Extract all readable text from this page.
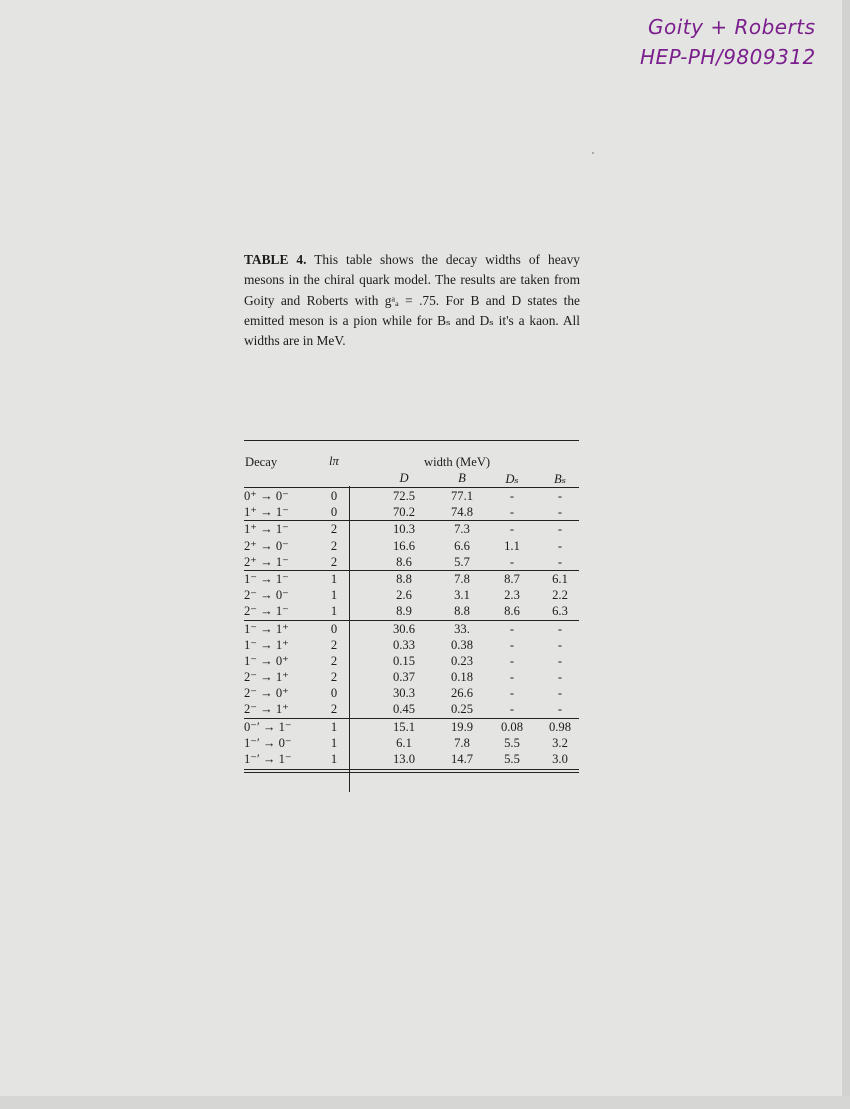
Goity + Roberts
HEP-PH/9809312
TABLE 4. This table shows the decay widths of heavy mesons in the chiral quark model. The results are taken from Goity and Roberts with gᵃₐ = .75. For B and D states the emitted meson is a pion while for Bₛ and Dₛ it's a kaon. All widths are in MeV.
Decay	lπ	width (MeV)
D	B	Dₛ	Bₛ
0⁺ → 0⁻	0	72.5	77.1	-	-
1⁺ → 1⁻	0	70.2	74.8	-	-
1⁺ → 1⁻	2	10.3	7.3	-	-
2⁺ → 0⁻	2	16.6	6.6	1.1	-
2⁺ → 1⁻	2	8.6	5.7	-	-
1⁻ → 1⁻	1	8.8	7.8	8.7	6.1
2⁻ → 0⁻	1	2.6	3.1	2.3	2.2
2⁻ → 1⁻	1	8.9	8.8	8.6	6.3
1⁻ → 1⁺	0	30.6	33.	-	-
1⁻ → 1⁺	2	0.33	0.38	-	-
1⁻ → 0⁺	2	0.15	0.23	-	-
2⁻ → 1⁺	2	0.37	0.18	-	-
2⁻ → 0⁺	0	30.3	26.6	-	-
2⁻ → 1⁺	2	0.45	0.25	-	-
0⁻′ → 1⁻	1	15.1	19.9	0.08	0.98
1⁻′ → 0⁻	1	6.1	7.8	5.5	3.2
1⁻′ → 1⁻	1	13.0	14.7	5.5	3.0
